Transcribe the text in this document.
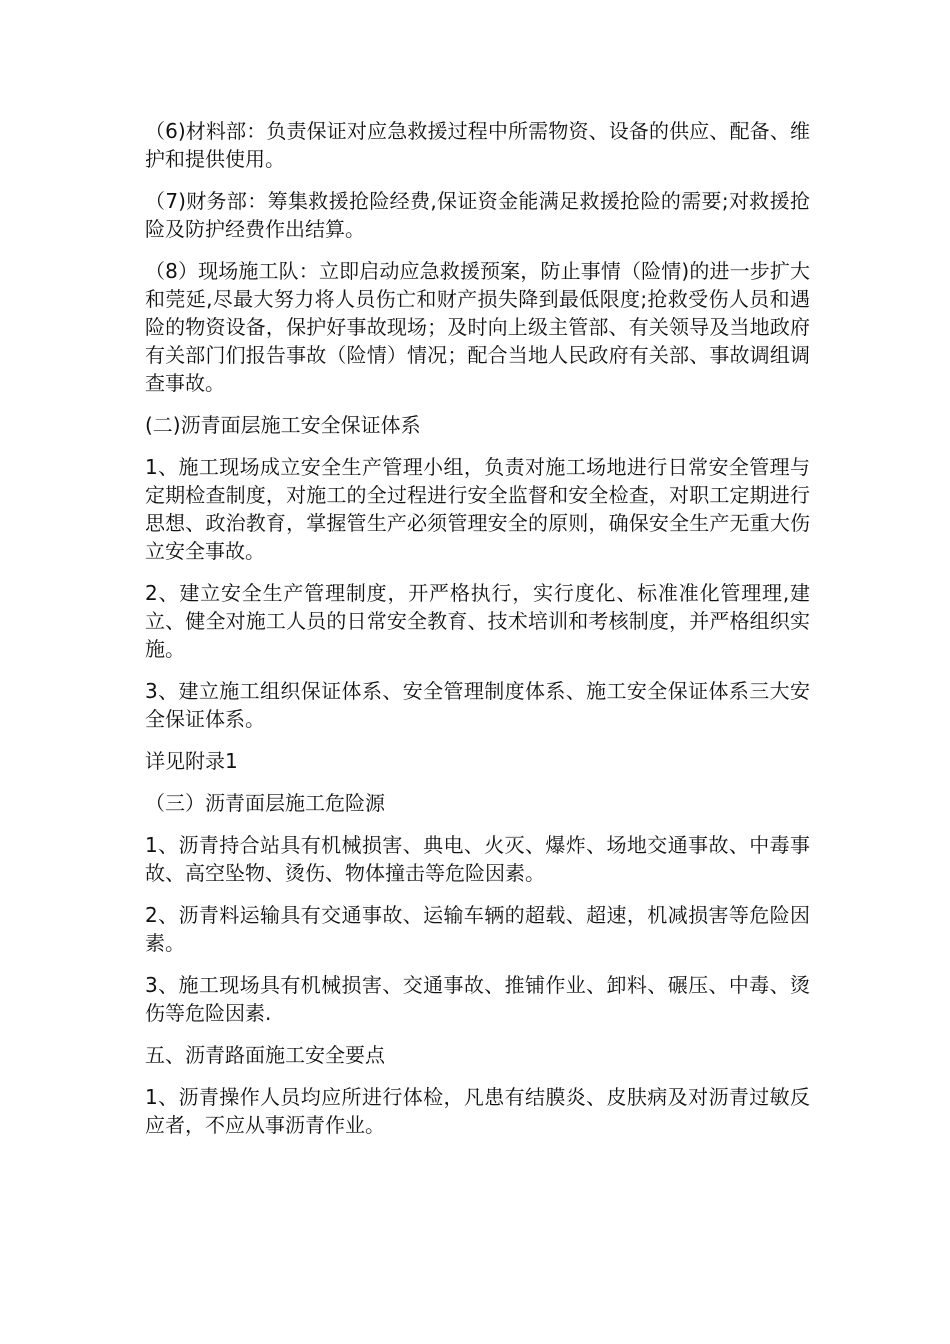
（6)材料部：负责保证对应急救援过程中所需物资、设备的供应、配备、维护和提供使用。

（7)财务部：筹集救援抢险经费,保证资金能满足救援抢险的需要;对救援抢险及防护经费作出结算。

（8）现场施工队：立即启动应急救援预案，防止事情（险情)的进一步扩大和莞延,尽最大努力将人员伤亡和财产损失降到最低限度;抢救受伤人员和遇险的物资设备，保护好事故现场；及时向上级主管部、有关领导及当地政府有关部门们报告事故（险情）情况；配合当地人民政府有关部、事故调组调查事故。

(二)沥青面层施工安全保证体系

1、施工现场成立安全生产管理小组，负责对施工场地进行日常安全管理与定期检查制度，对施工的全过程进行安全监督和安全检查，对职工定期进行思想、政治教育，掌握管生产必须管理安全的原则，确保安全生产无重大伤立安全事故。

2、建立安全生产管理制度，开严格执行，实行度化、标准准化管理理,建立、健全对施工人员的日常安全教育、技术培训和考核制度，并严格组织实施。

3、建立施工组织保证体系、安全管理制度体系、施工安全保证体系三大安全保证体系。

详见附录1

（三）沥青面层施工危险源

1、沥青持合站具有机械损害、典电、火灭、爆炸、场地交通事故、中毒事故、高空坠物、烫伤、物体撞击等危险因素。

2、沥青料运输具有交通事故、运输车辆的超载、超速，机减损害等危险因素。

3、施工现场具有机械损害、交通事故、推铺作业、卸料、碾压、中毒、烫伤等危险因素.

五、沥青路面施工安全要点

1、沥青操作人员均应所进行体检，凡患有结膜炎、皮肤病及对沥青过敏反应者，不应从事沥青作业。
